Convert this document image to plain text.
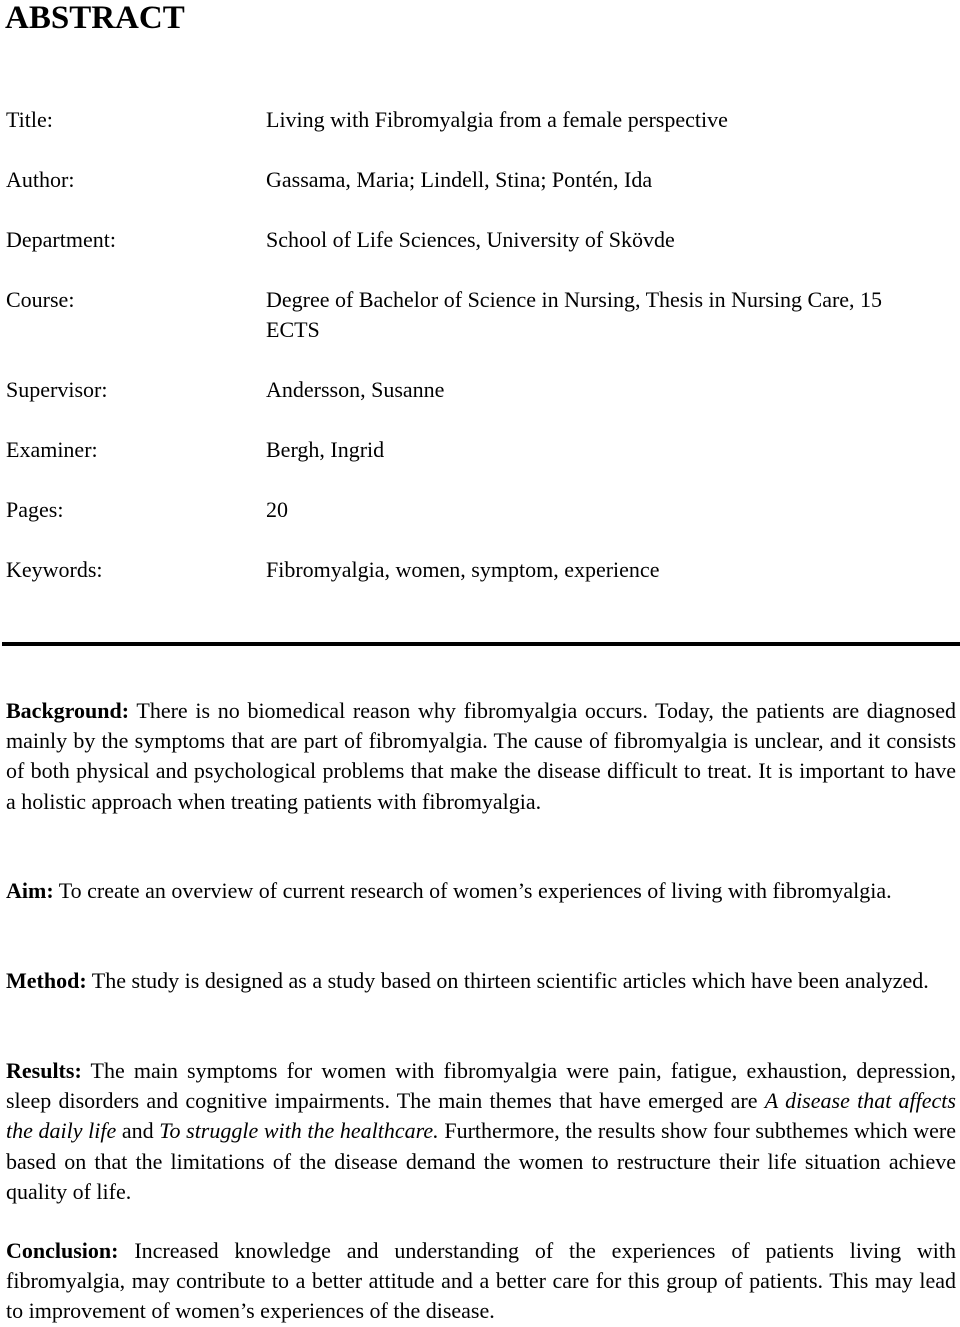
ABSTRACT
Title:	Living with Fibromyalgia from a female perspective
Author:	Gassama, Maria; Lindell, Stina; Pontén, Ida
Department:	School of Life Sciences, University of Skövde
Course:	Degree of Bachelor of Science in Nursing, Thesis in Nursing Care, 15 ECTS
Supervisor:	Andersson, Susanne
Examiner:	Bergh, Ingrid
Pages:	20
Keywords:	Fibromyalgia, women, symptom, experience
Background: There is no biomedical reason why fibromyalgia occurs. Today, the patients are diagnosed mainly by the symptoms that are part of fibromyalgia. The cause of fibromyalgia is unclear, and it consists of both physical and psychological problems that make the disease difficult to treat. It is important to have a holistic approach when treating patients with fibromyalgia.
Aim: To create an overview of current research of women’s experiences of living with fibromyalgia.
Method: The study is designed as a study based on thirteen scientific articles which have been analyzed.
Results: The main symptoms for women with fibromyalgia were pain, fatigue, exhaustion, depression, sleep disorders and cognitive impairments. The main themes that have emerged are A disease that affects the daily life and To struggle with the healthcare. Furthermore, the results show four subthemes which were based on that the limitations of the disease demand the women to restructure their life situation achieve quality of life.
Conclusion: Increased knowledge and understanding of the experiences of patients living with fibromyalgia, may contribute to a better attitude and a better care for this group of patients. This may lead to improvement of women’s experiences of the disease.
